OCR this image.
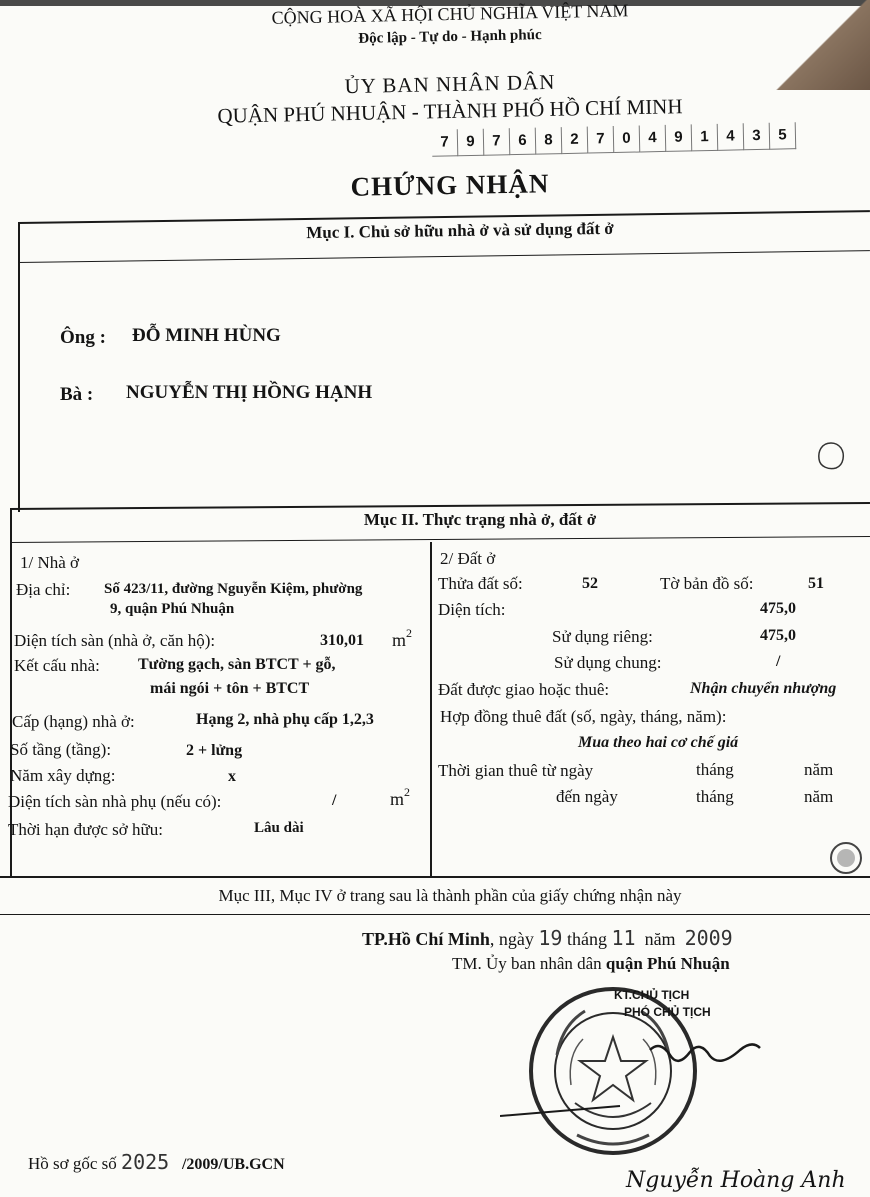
CỘNG HOÀ XÃ HỘI CHỦ NGHĨA VIỆT NAM
Độc lập - Tự do - Hạnh phúc
ỦY BAN NHÂN DÂN
QUẬN PHÚ NHUẬN - THÀNH PHỐ HỒ CHÍ MINH
7	9	7	6	8	2	7	0	4	9	1	4	3	5
CHỨNG NHẬN
Mục I. Chủ sở hữu nhà ở và sử dụng đất ở
Ông : ĐỖ MINH HÙNG
Bà : NGUYỄN THỊ HỒNG HẠNH
Mục II. Thực trạng nhà ở, đất ở
1/ Nhà ở
Địa chỉ: Số 423/11, đường Nguyễn Kiệm, phường
9, quận Phú Nhuận
Diện tích sàn (nhà ở, căn hộ):	310,01 $m^2$
Kết cấu nhà: Tường gạch, sàn BTCT + gỗ,
mái ngói + tôn + BTCT
Cấp (hạng) nhà ở:	Hạng 2, nhà phụ cấp 1,2,3
Số tầng (tầng):	2 + lửng
Năm xây dựng:	x
Diện tích sàn nhà phụ (nếu có):	/	$m^2$
Thời hạn được sở hữu:	Lâu dài
2/ Đất ở
Thửa đất số:	52	Tờ bản đồ số:	51
Diện tích:	475,0
Sử dụng riêng:	475,0
Sử dụng chung:	/
Đất được giao hoặc thuê:	Nhận chuyển nhượng
Hợp đồng thuê đất (số, ngày, tháng, năm):
Mua theo hai cơ chế giá
Thời gian thuê từ ngày	tháng	năm
đến ngày	tháng	năm
Mục III, Mục IV ở trang sau là thành phần của giấy chứng nhận này
TP.Hồ Chí Minh, ngày 19 tháng 11 năm 2009
TM. Ủy ban nhân dân quận Phú Nhuận
KT.CHỦ TỊCH
PHÓ CHỦ TỊCH
Nguyễn Hoàng Anh
Hồ sơ gốc số 2025 /2009/UB.GCN
